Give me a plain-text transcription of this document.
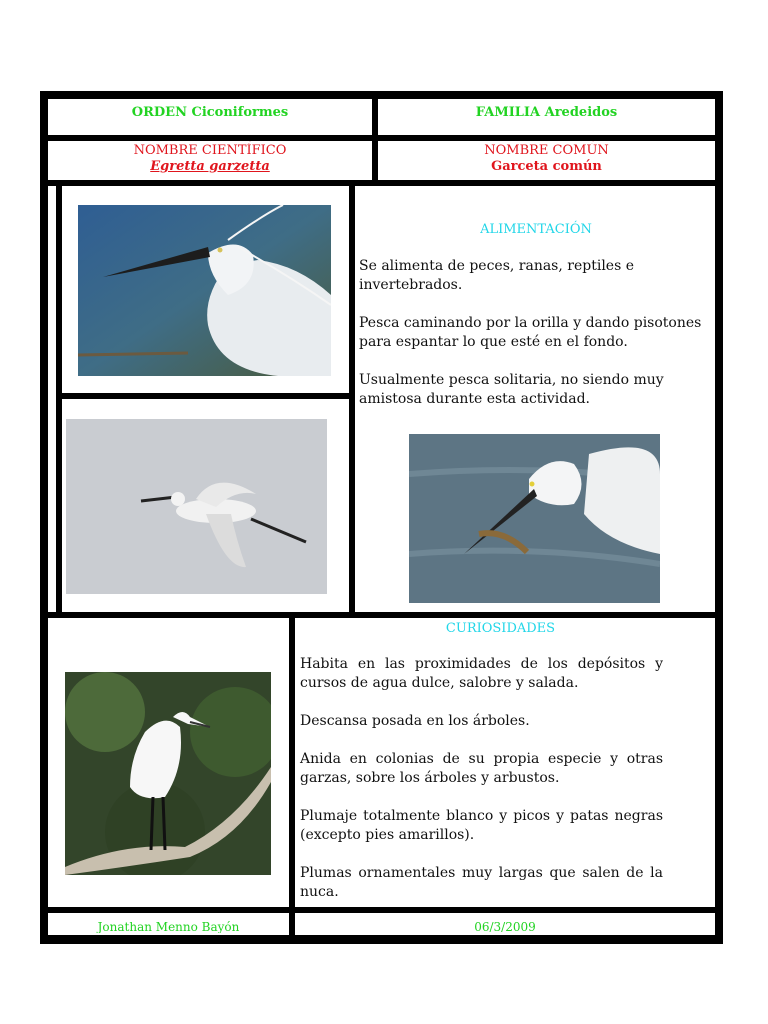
ORDEN Ciconiformes	FAMILIA Aredeidos
NOMBRE CIENTÍFICO
Egretta garzetta
NOMBRE COMÚN
Garceta común
ALIMENTACIÓN

Se alimenta de peces, ranas, reptiles e invertebrados.

Pesca caminando por la orilla y dando pisotones para espantar lo que esté en el fondo.

Usualmente pesca solitaria, no siendo muy amistosa durante esta actividad.

CURIOSIDADES

Habita en las proximidades de los depósitos y cursos de agua dulce, salobre y salada.

Descansa posada en los árboles.

Anida en colonias de su propia especie y otras garzas, sobre los árboles y arbustos.

Plumaje totalmente blanco y picos y patas negras (excepto pies amarillos).

Plumas ornamentales muy largas que salen de la nuca.

Jonathan Menno Bayón	06/3/2009
